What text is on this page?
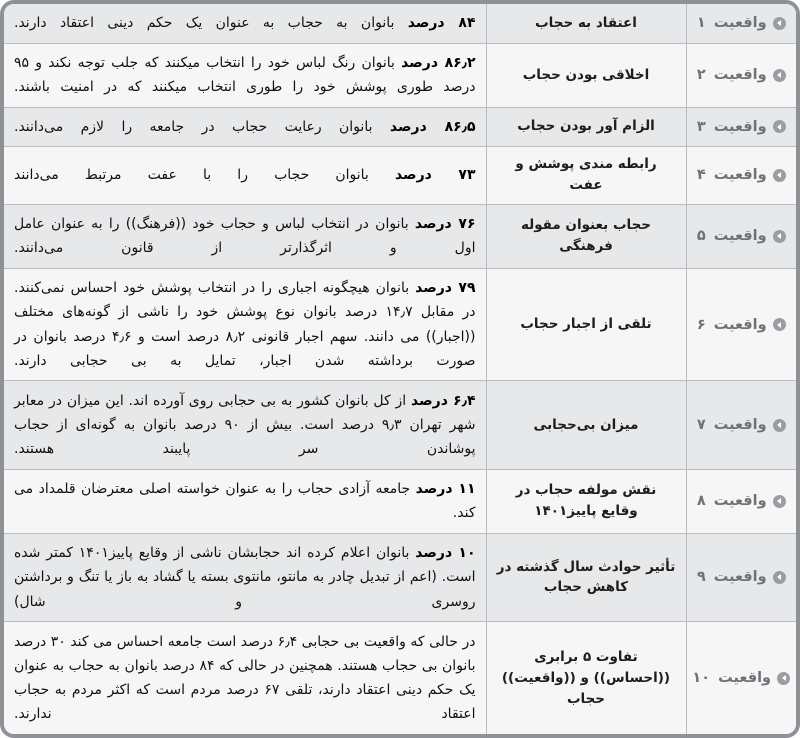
واقعیت
۱	اعتقاد به حجاب	۸۴ درصد بانوان به حجاب به عنوان یک حکم دینی اعتقاد دارند.

واقعیت
۲	اخلاقی بودن حجاب	۸۶٫۲ درصد بانوان رنگ لباس خود را انتخاب میکنند که جلب توجه نکند و ۹۵ درصد طوری پوشش خود را طوری انتخاب میکنند که در امنیت باشند.

واقعیت
۳	الزام آور بودن حجاب	۸۶٫۵ درصد بانوان رعایت حجاب در جامعه را لازم می‌دانند.

واقعیت
۴	رابطه مندی پوشش و عفت	۷۳ درصد بانوان حجاب را با عفت مرتبط می‌دانند

واقعیت
۵	حجاب بعنوان مقوله فرهنگی	۷۶ درصد بانوان در انتخاب لباس و حجاب خود ((فرهنگ)) را به عنوان عامل اول و اثرگذارتر از قانون می‌دانند.

واقعیت
۶	تلقی از اجبار حجاب	۷۹ درصد بانوان هیچگونه اجباری را در انتخاب پوشش خود احساس نمی‌کنند. در مقابل ۱۴٫۷ درصد بانوان نوع پوشش خود را ناشی از گونه‌های مختلف ((اجبار)) می دانند. سهم اجبار قانونی ۸٫۲ درصد است و ۴٫۶ درصد بانوان در صورت برداشته شدن اجبار، تمایل به بی حجابی دارند.

واقعیت
۷	میزان بی‌حجابی	۶٫۴ درصد از کل بانوان کشور به بی حجابی روی آورده اند. این میزان در معابر شهر تهران ۹٫۳ درصد است. بیش از ۹۰ درصد بانوان به گونه‌ای از حجاب پوشاندن سر پایبند هستند.

واقعیت
۸	نقش مولفه حجاب در وقایع پاییز۱۴۰۱	۱۱ درصد جامعه آزادی حجاب را به عنوان خواسته اصلی معترضان قلمداد می کند.

واقعیت
۹	تأثیر حوادث سال گذشته در کاهش حجاب	۱۰ درصد بانوان اعلام کرده اند حجابشان ناشی از وقایع پاییز۱۴۰۱ کمتر شده است. (اعم از تبدیل چادر به مانتو، مانتوی بسته یا گشاد به باز یا تنگ و برداشتن روسری و شال)

واقعیت
۱۰	تفاوت ۵ برابری ((احساس)) و ((واقعیت)) حجاب	در حالی که واقعیت بی حجابی ۶٫۴ درصد است جامعه احساس می کند ۳۰ درصد بانوان بی حجاب هستند. همچنین در حالی که ۸۴ درصد بانوان به حجاب به عنوان یک حکم دینی اعتقاد دارند، تلقی ۶۷ درصد مردم است که اکثر مردم به حجاب اعتقاد ندارند.
